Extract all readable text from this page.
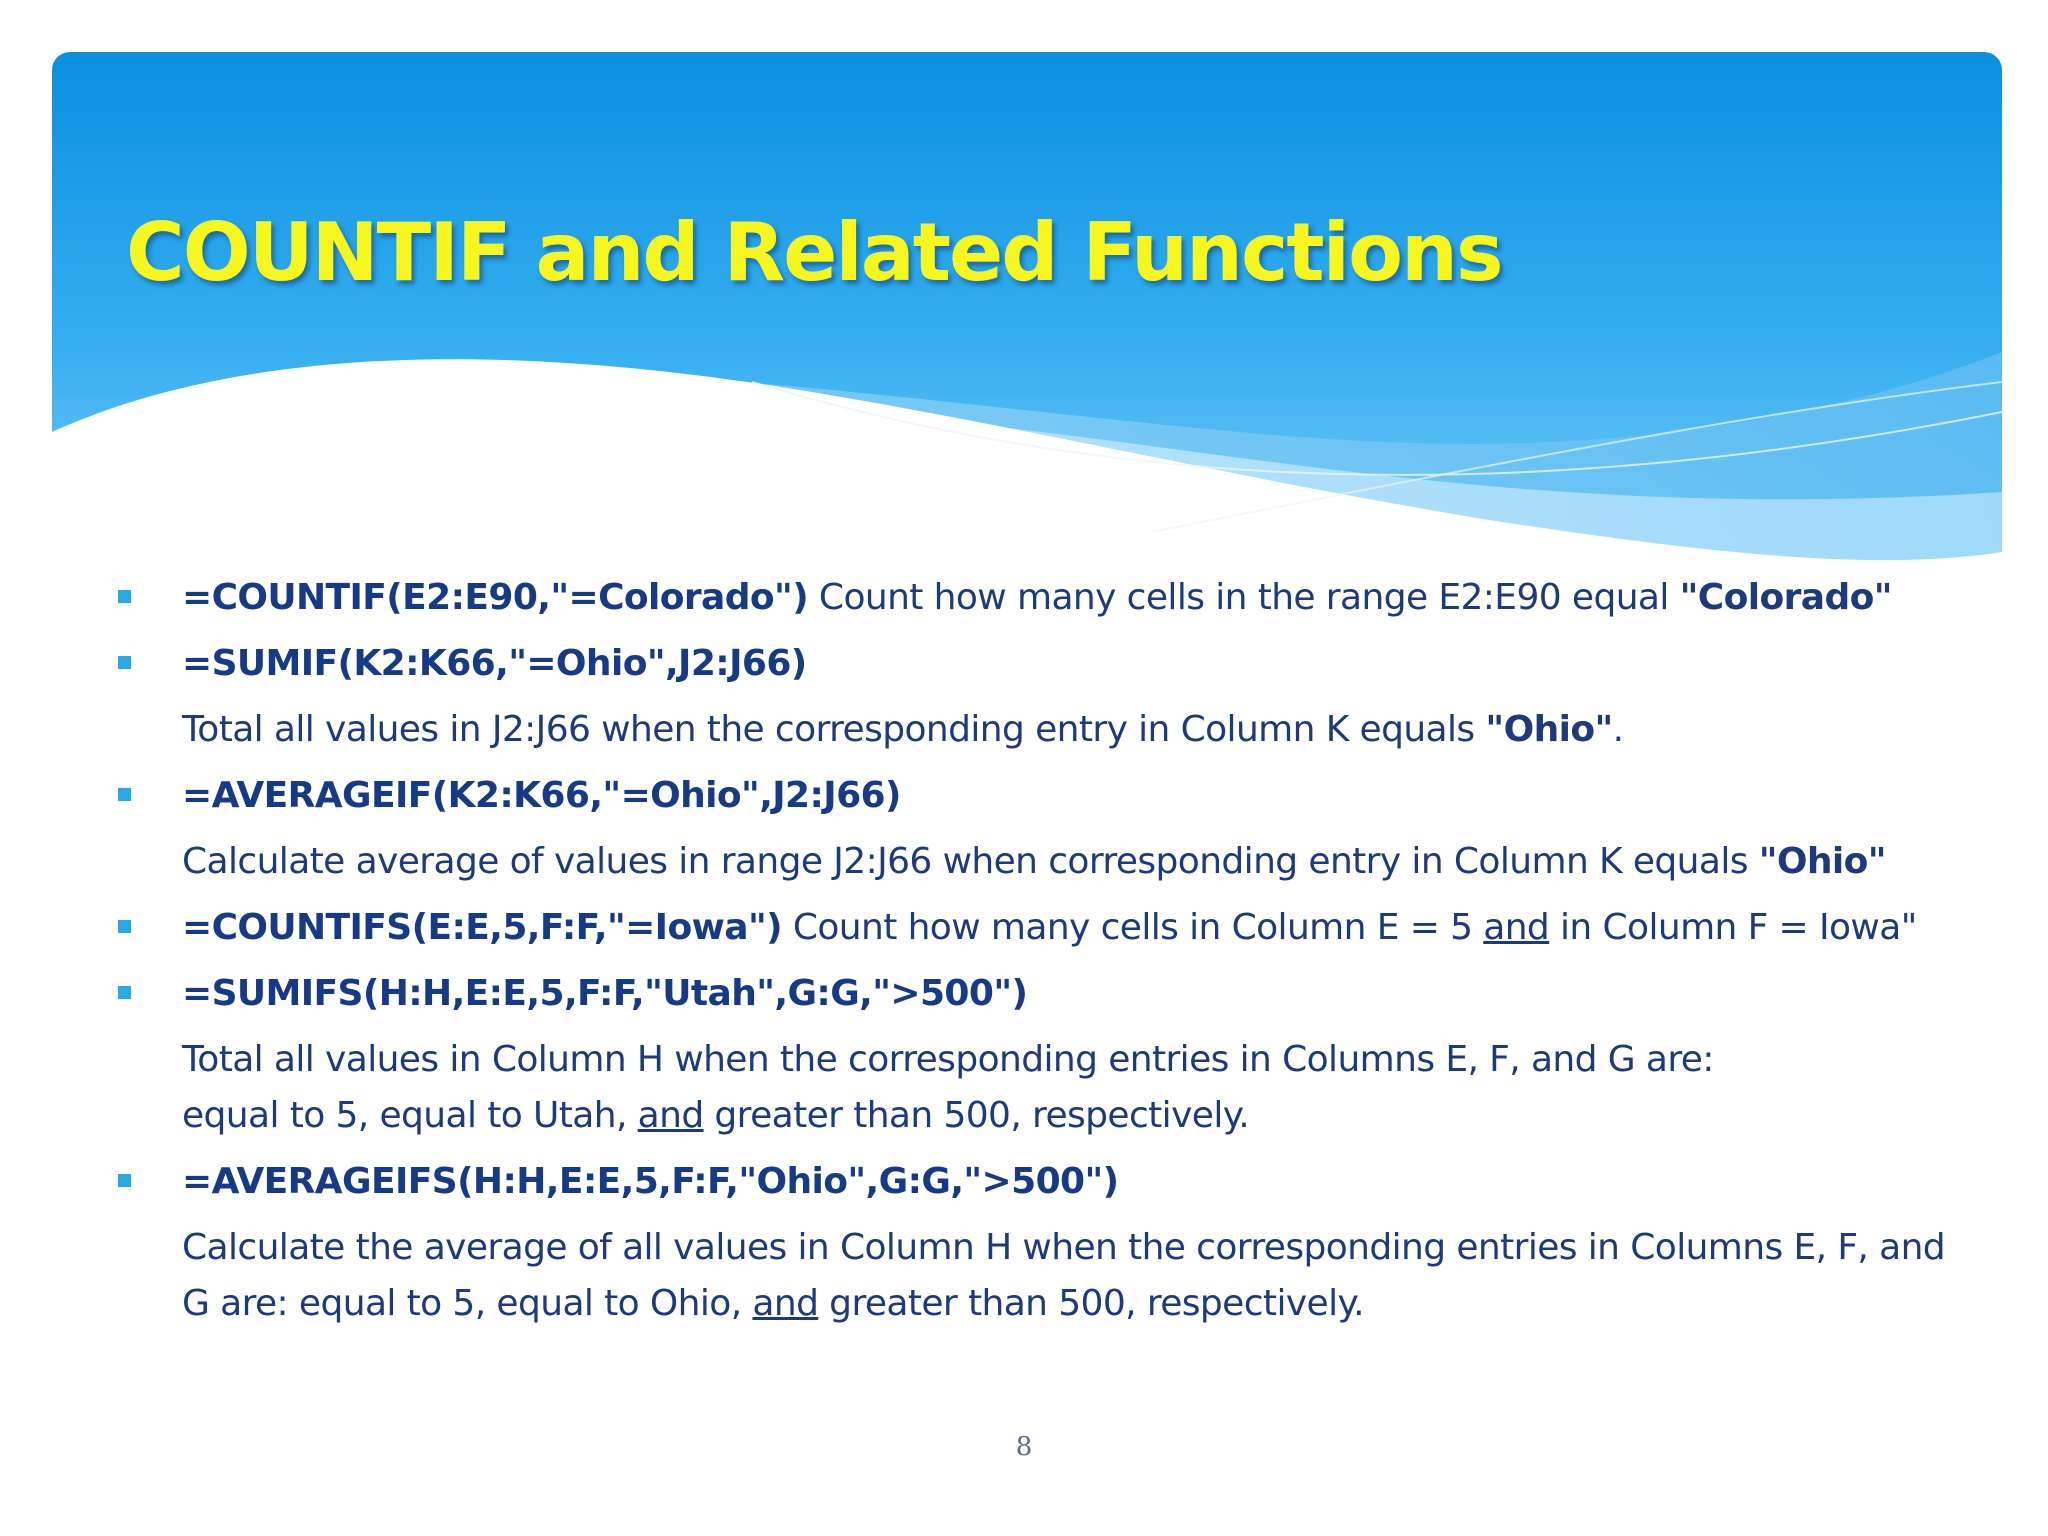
COUNTIF and Related Functions
=COUNTIF(E2:E90,"=Colorado") Count how many cells in the range E2:E90 equal "Colorado"
=SUMIF(K2:K66,"=Ohio",J2:J66)
Total all values in J2:J66 when the corresponding entry in Column K equals "Ohio".
=AVERAGEIF(K2:K66,"=Ohio",J2:J66)
Calculate average of values in range J2:J66 when corresponding entry in Column K equals "Ohio"
=COUNTIFS(E:E,5,F:F,"=Iowa") Count how many cells in Column E = 5 and in Column F = Iowa"
=SUMIFS(H:H,E:E,5,F:F,"Utah",G:G,">500")
Total all values in Column H when the corresponding entries in Columns E, F, and G are:
equal to 5, equal to Utah, and greater than 500, respectively.
=AVERAGEIFS(H:H,E:E,5,F:F,"Ohio",G:G,">500")
Calculate the average of all values in Column H when the corresponding entries in Columns E, F, and
G are: equal to 5, equal to Ohio, and greater than 500, respectively.
8
